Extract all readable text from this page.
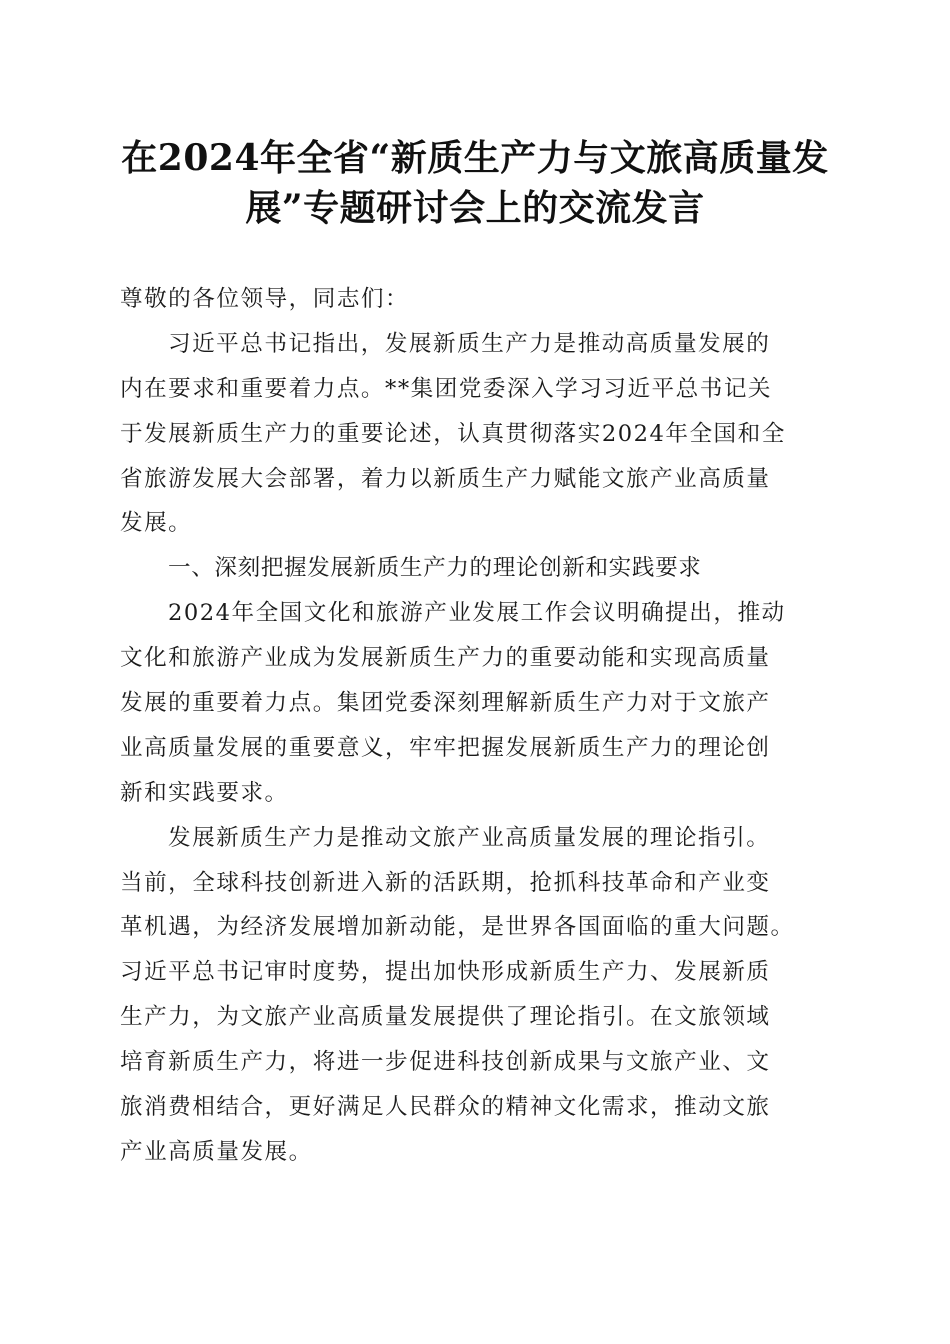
在2024年全省“新质生产力与文旅高质量发
展”专题研讨会上的交流发言
尊敬的各位领导，同志们：
习近平总书记指出，发展新质生产力是推动高质量发展的
内在要求和重要着力点。**集团党委深入学习习近平总书记关
于发展新质生产力的重要论述，认真贯彻落实2024年全国和全
省旅游发展大会部署，着力以新质生产力赋能文旅产业高质量
发展。
一、深刻把握发展新质生产力的理论创新和实践要求
2024年全国文化和旅游产业发展工作会议明确提出，推动
文化和旅游产业成为发展新质生产力的重要动能和实现高质量
发展的重要着力点。集团党委深刻理解新质生产力对于文旅产
业高质量发展的重要意义，牢牢把握发展新质生产力的理论创
新和实践要求。
发展新质生产力是推动文旅产业高质量发展的理论指引。
当前，全球科技创新进入新的活跃期，抢抓科技革命和产业变
革机遇，为经济发展增加新动能，是世界各国面临的重大问题。
习近平总书记审时度势，提出加快形成新质生产力、发展新质
生产力，为文旅产业高质量发展提供了理论指引。在文旅领域
培育新质生产力，将进一步促进科技创新成果与文旅产业、文
旅消费相结合，更好满足人民群众的精神文化需求，推动文旅
产业高质量发展。
